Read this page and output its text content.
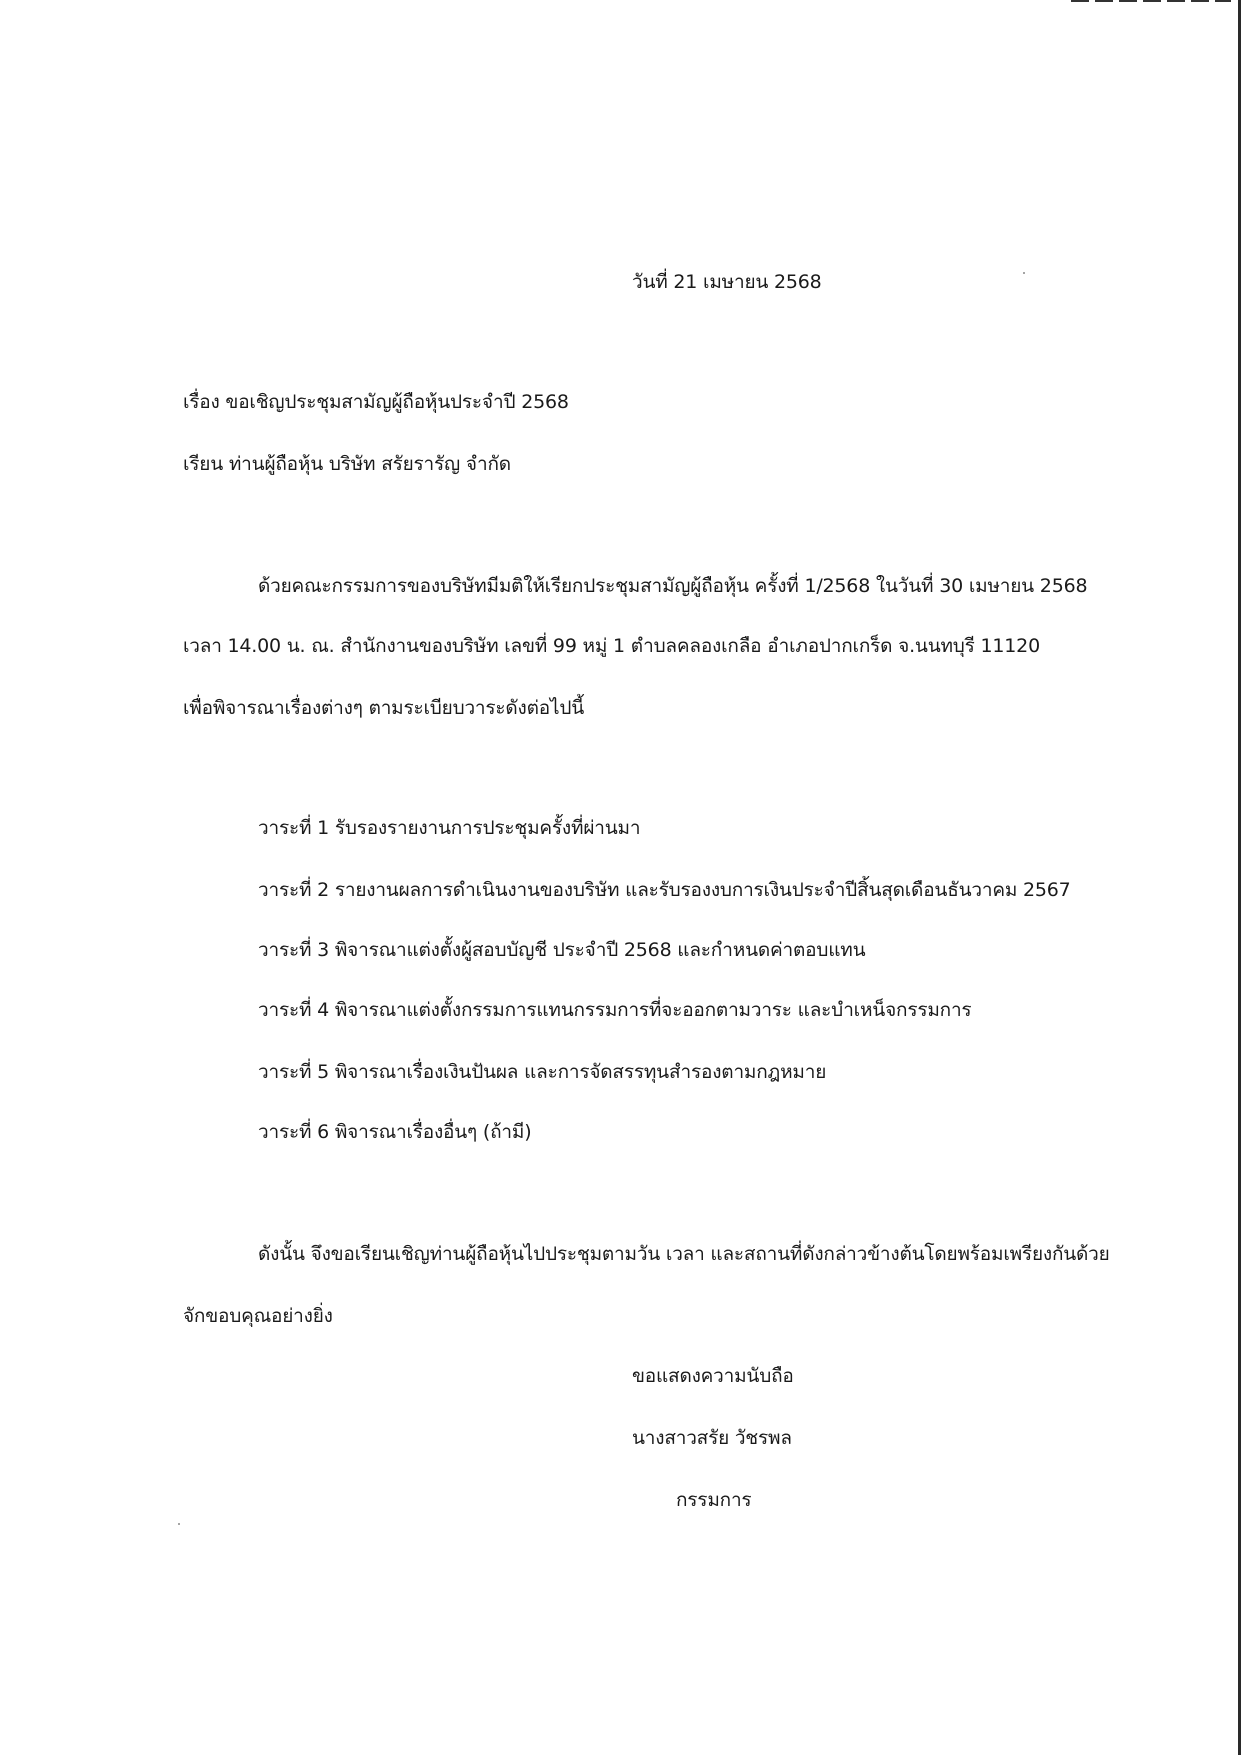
วันที่ 21 เมษายน 2568
เรื่อง ขอเชิญประชุมสามัญผู้ถือหุ้นประจำปี 2568
เรียน ท่านผู้ถือหุ้น บริษัท สรัยรารัญ จำกัด
ด้วยคณะกรรมการของบริษัทมีมติให้เรียกประชุมสามัญผู้ถือหุ้น ครั้งที่ 1/2568 ในวันที่ 30 เมษายน 2568
เวลา 14.00 น. ณ. สำนักงานของบริษัท เลขที่ 99 หมู่ 1 ตำบลคลองเกลือ อำเภอปากเกร็ด จ.นนทบุรี 11120
เพื่อพิจารณาเรื่องต่างๆ ตามระเบียบวาระดังต่อไปนี้
วาระที่ 1 รับรองรายงานการประชุมครั้งที่ผ่านมา
วาระที่ 2 รายงานผลการดำเนินงานของบริษัท และรับรองงบการเงินประจำปีสิ้นสุดเดือนธันวาคม 2567
วาระที่ 3 พิจารณาแต่งตั้งผู้สอบบัญชี ประจำปี 2568 และกำหนดค่าตอบแทน
วาระที่ 4 พิจารณาแต่งตั้งกรรมการแทนกรรมการที่จะออกตามวาระ และบำเหน็จกรรมการ
วาระที่ 5 พิจารณาเรื่องเงินปันผล และการจัดสรรทุนสำรองตามกฎหมาย
วาระที่ 6 พิจารณาเรื่องอื่นๆ (ถ้ามี)
ดังนั้น จึงขอเรียนเชิญท่านผู้ถือหุ้นไปประชุมตามวัน เวลา และสถานที่ดังกล่าวข้างต้นโดยพร้อมเพรียงกันด้วย
จักขอบคุณอย่างยิ่ง
ขอแสดงความนับถือ
นางสาวสรัย วัชรพล
กรรมการ
